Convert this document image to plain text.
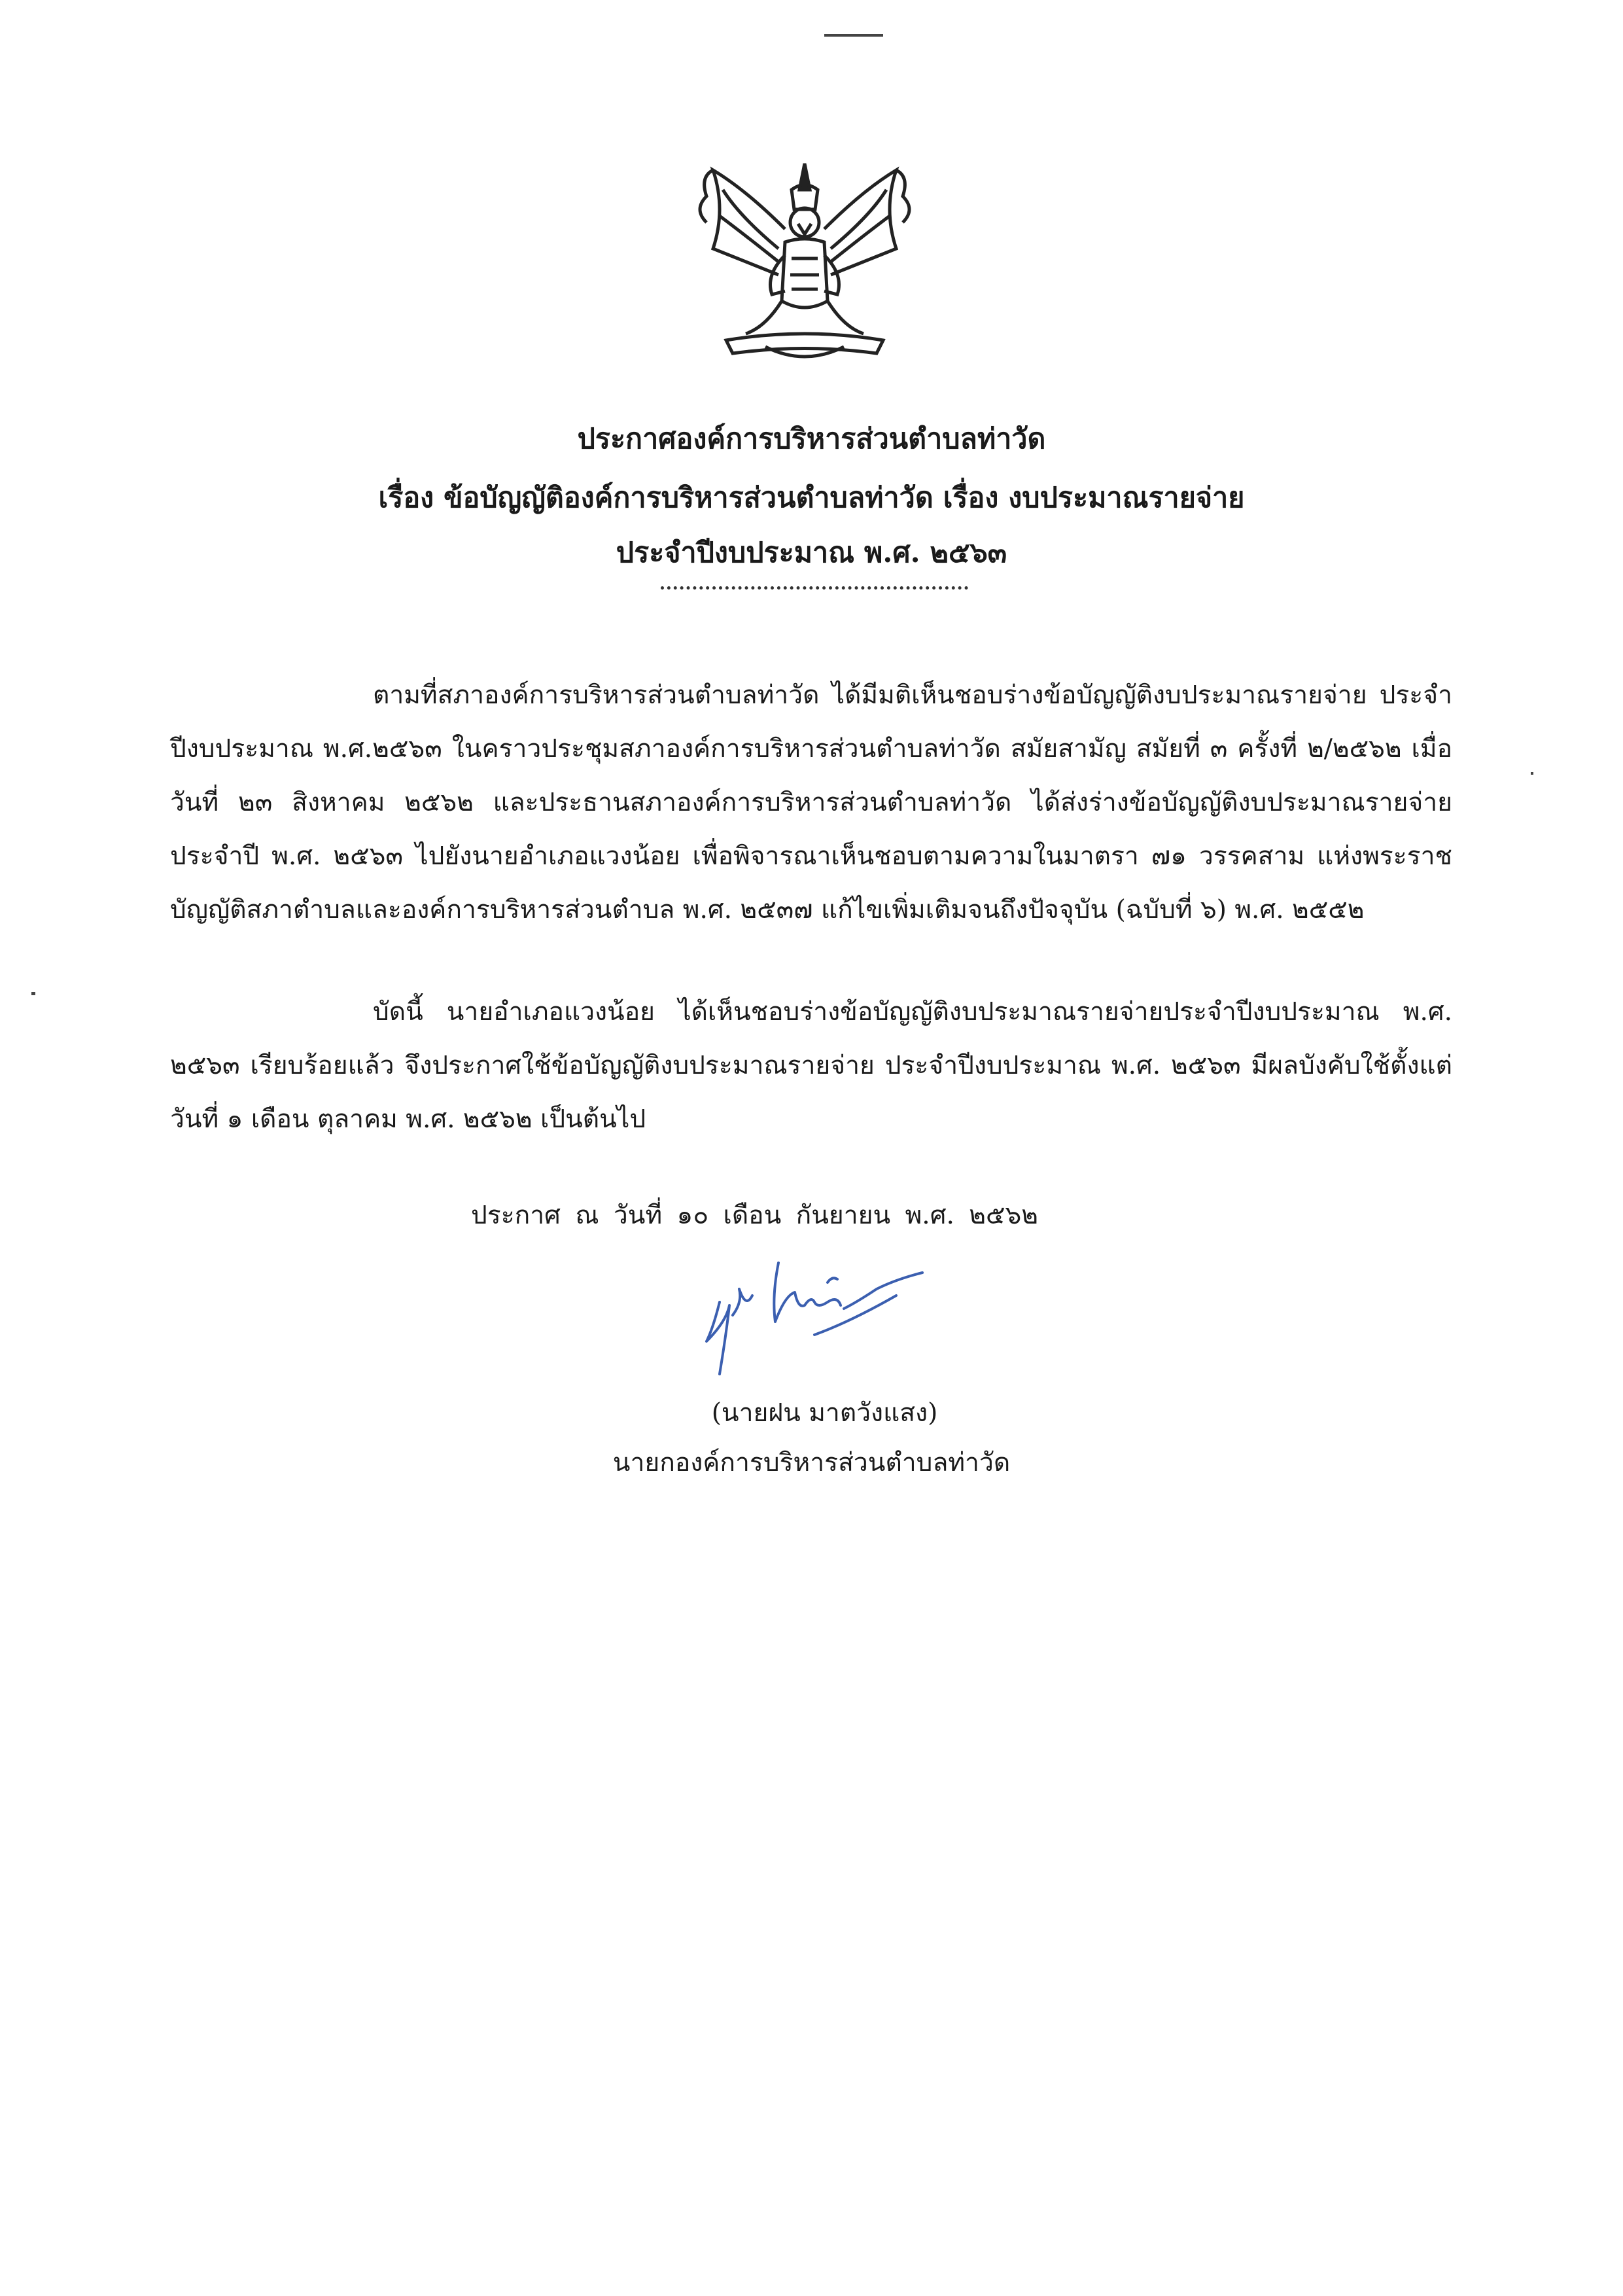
ประกาศองค์การบริหารส่วนตำบลท่าวัด
เรื่อง ข้อบัญญัติองค์การบริหารส่วนตำบลท่าวัด เรื่อง งบประมาณรายจ่าย
ประจำปีงบประมาณ พ.ศ. ๒๕๖๓
ตามที่สภาองค์การบริหารส่วนตำบลท่าวัด ได้มีมติเห็นชอบร่างข้อบัญญัติงบประมาณรายจ่าย ประจำปีงบประมาณ พ.ศ.๒๕๖๓ ในคราวประชุมสภาองค์การบริหารส่วนตำบลท่าวัด สมัยสามัญ สมัยที่ ๓ ครั้งที่ ๒/๒๕๖๒ เมื่อวันที่ ๒๓ สิงหาคม ๒๕๖๒ และประธานสภาองค์การบริหารส่วนตำบลท่าวัด ได้ส่งร่างข้อบัญญัติงบประมาณรายจ่ายประจำปี พ.ศ. ๒๕๖๓ ไปยังนายอำเภอแวงน้อย เพื่อพิจารณาเห็นชอบตามความในมาตรา ๗๑ วรรคสาม แห่งพระราชบัญญัติสภาตำบลและองค์การบริหารส่วนตำบล พ.ศ. ๒๕๓๗ แก้ไขเพิ่มเติมจนถึงปัจจุบัน (ฉบับที่ ๖) พ.ศ. ๒๕๕๒
บัดนี้ นายอำเภอแวงน้อย ได้เห็นชอบร่างข้อบัญญัติงบประมาณรายจ่ายประจำปีงบประมาณ พ.ศ. ๒๕๖๓ เรียบร้อยแล้ว จึงประกาศใช้ข้อบัญญัติงบประมาณรายจ่าย ประจำปีงบประมาณ พ.ศ. ๒๕๖๓ มีผลบังคับใช้ตั้งแต่วันที่ ๑ เดือน ตุลาคม พ.ศ. ๒๕๖๒ เป็นต้นไป
ประกาศ ณ วันที่ ๑๐ เดือน กันยายน พ.ศ. ๒๕๖๒
(นายฝน มาตวังแสง)
นายกองค์การบริหารส่วนตำบลท่าวัด
